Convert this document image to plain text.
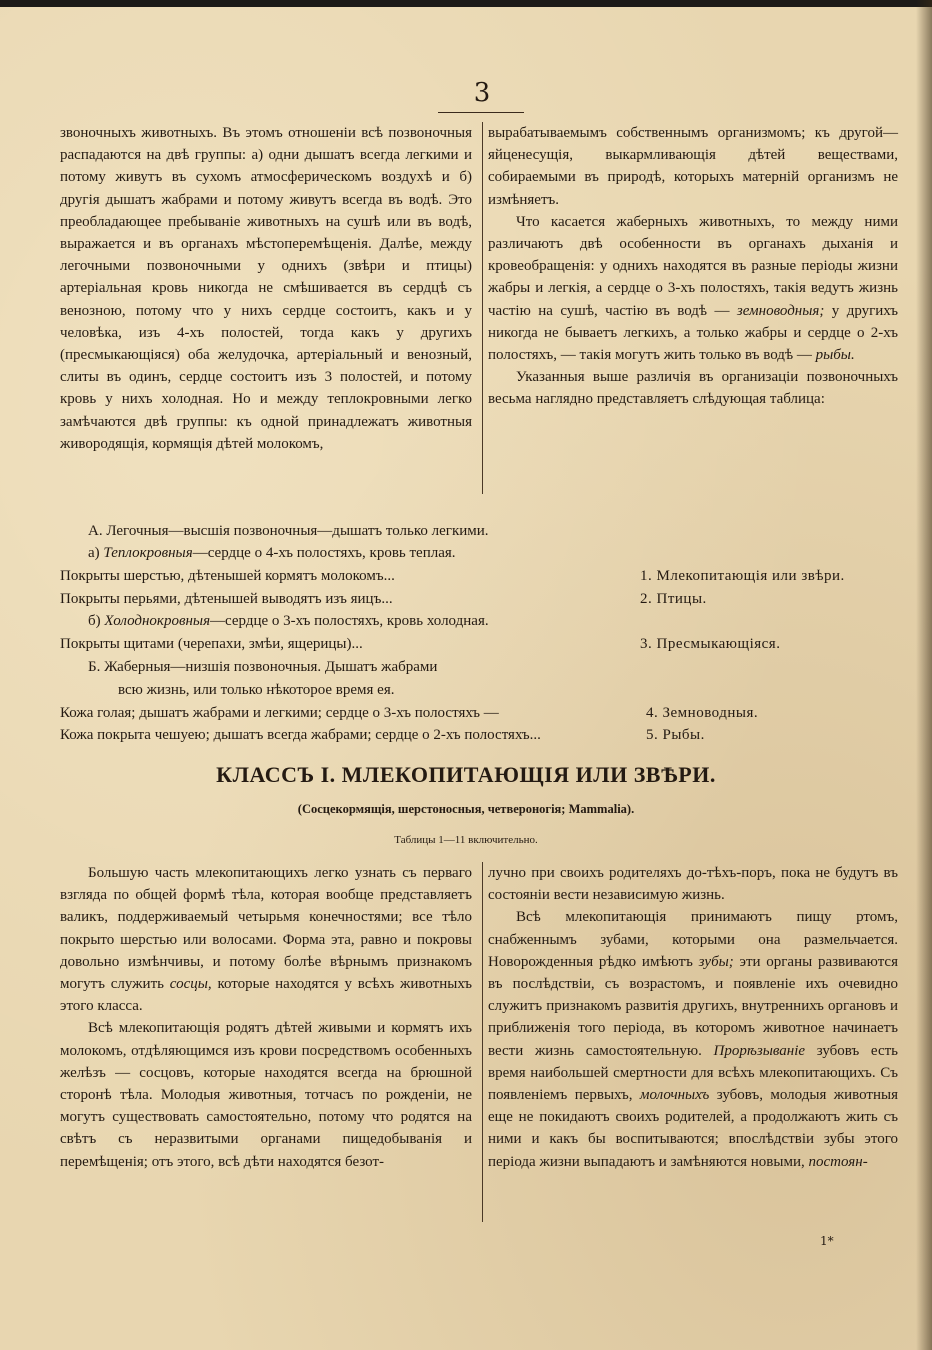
3

звоночныхъ животныхъ. Въ этомъ отношеніи всѣ позвоночныя распадаются на двѣ группы: а) одни дышатъ всегда легкими и потому живутъ въ сухомъ атмосферическомъ воздухѣ и б) другія дышатъ жабрами и потому живутъ всегда въ водѣ. Это преобладающее пребываніе животныхъ на сушѣ или въ водѣ, выражается и въ органахъ мѣстоперемѣщенія. Далѣе, между легочными позвоночными у однихъ (звѣри и птицы) артеріальная кровь никогда не смѣшивается въ сердцѣ съ венозною, потому что у нихъ сердце состоитъ, какъ и у человѣка, изъ 4-хъ полостей, тогда какъ у другихъ (пресмыкающіяся) оба желудочка, артеріальный и венозный, слиты въ одинъ, сердце состоитъ изъ 3 полостей, и потому кровь у нихъ холодная. Но и между теплокровными легко замѣчаются двѣ группы: къ одной принадлежатъ животныя живородящія, кормящія дѣтей молокомъ,

вырабатываемымъ собственнымъ организмомъ; къ другой—яйценесущія, выкармливающія дѣтей веществами, собираемыми въ природѣ, которыхъ матерній организмъ не измѣняетъ.

Что касается жаберныхъ животныхъ, то между ними различаютъ двѣ особенности въ органахъ дыханія и кровеобращенія: у однихъ находятся въ разные періоды жизни жабры и легкія, а сердце о 3-хъ полостяхъ, такія ведутъ жизнь частію на сушѣ, частію въ водѣ — земноводныя; у другихъ никогда не бываетъ легкихъ, а только жабры и сердце о 2-хъ полостяхъ, — такія могутъ жить только въ водѣ — рыбы.

Указанныя выше различія въ организаціи позвоночныхъ весьма наглядно представляетъ слѣдующая таблица:

А. Легочныя—высшія позвоночныя—дышатъ только легкими.
а) Теплокровныя—сердце о 4-хъ полостяхъ, кровь теплая.
Покрыты шерстью, дѣтенышей кормятъ молокомъ...
Покрыты перьями, дѣтенышей выводятъ изъ яицъ...
б) Холоднокровныя—сердце о 3-хъ полостяхъ, кровь холодная.
Покрыты щитами (черепахи, змѣи, ящерицы)...
Б. Жаберныя—низшія позвоночныя. Дышатъ жабрами
всю жизнь, или только нѣкоторое время ея.
Кожа голая; дышатъ жабрами и легкими; сердце о 3-хъ полостяхъ —
Кожа покрыта чешуею; дышатъ всегда жабрами; сердце о 2-хъ полостяхъ...
1. Млекопитающія или звѣри.
2. Птицы.
3. Пресмыкающіяся.
4. Земноводныя.
5. Рыбы.
КЛАССЪ I. МЛЕКОПИТАЮЩІЯ ИЛИ ЗВѢРИ.
(Сосцекормящія, шерстоносныя, четвероногія; Mammalia).
Таблицы 1—11 включительно.

Большую часть млекопитающихъ легко узнать съ перваго взгляда по общей формѣ тѣла, которая вообще представляетъ валикъ, поддерживаемый четырьмя конечностями; все тѣло покрыто шерстью или волосами. Форма эта, равно и покровы довольно измѣнчивы, и потому болѣе вѣрнымъ признакомъ могутъ служить сосцы, которые находятся у всѣхъ животныхъ этого класса.

Всѣ млекопитающія родятъ дѣтей живыми и кормятъ ихъ молокомъ, отдѣляющимся изъ крови посредствомъ особенныхъ желѣзъ — сосцовъ, которые находятся всегда на брюшной сторонѣ тѣла. Молодыя животныя, тотчасъ по рожденіи, не могутъ существовать самостоятельно, потому что родятся на свѣтъ съ неразвитыми органами пищедобыванія и перемѣщенія; отъ этого, всѣ дѣти находятся безот-

лучно при своихъ родителяхъ до-тѣхъ-поръ, пока не будутъ въ состояніи вести независимую жизнь.

Всѣ млекопитающія принимаютъ пищу ртомъ, снабженнымъ зубами, которыми она размельчается. Новорожденныя рѣдко имѣютъ зубы; эти органы развиваются въ послѣдствіи, съ возрастомъ, и появленіе ихъ очевидно служитъ признакомъ развитія другихъ, внутреннихъ органовъ и приближенія того періода, въ которомъ животное начинаетъ вести жизнь самостоятельную. Прорѣзываніе зубовъ есть время наибольшей смертности для всѣхъ млекопитающихъ. Съ появленіемъ первыхъ, молочныхъ зубовъ, молодыя животныя еще не покидаютъ своихъ родителей, а продолжаютъ жить съ ними и какъ бы воспитываются; впослѣдствіи зубы этого періода жизни выпадаютъ и замѣняются новыми, постоян-

1*
